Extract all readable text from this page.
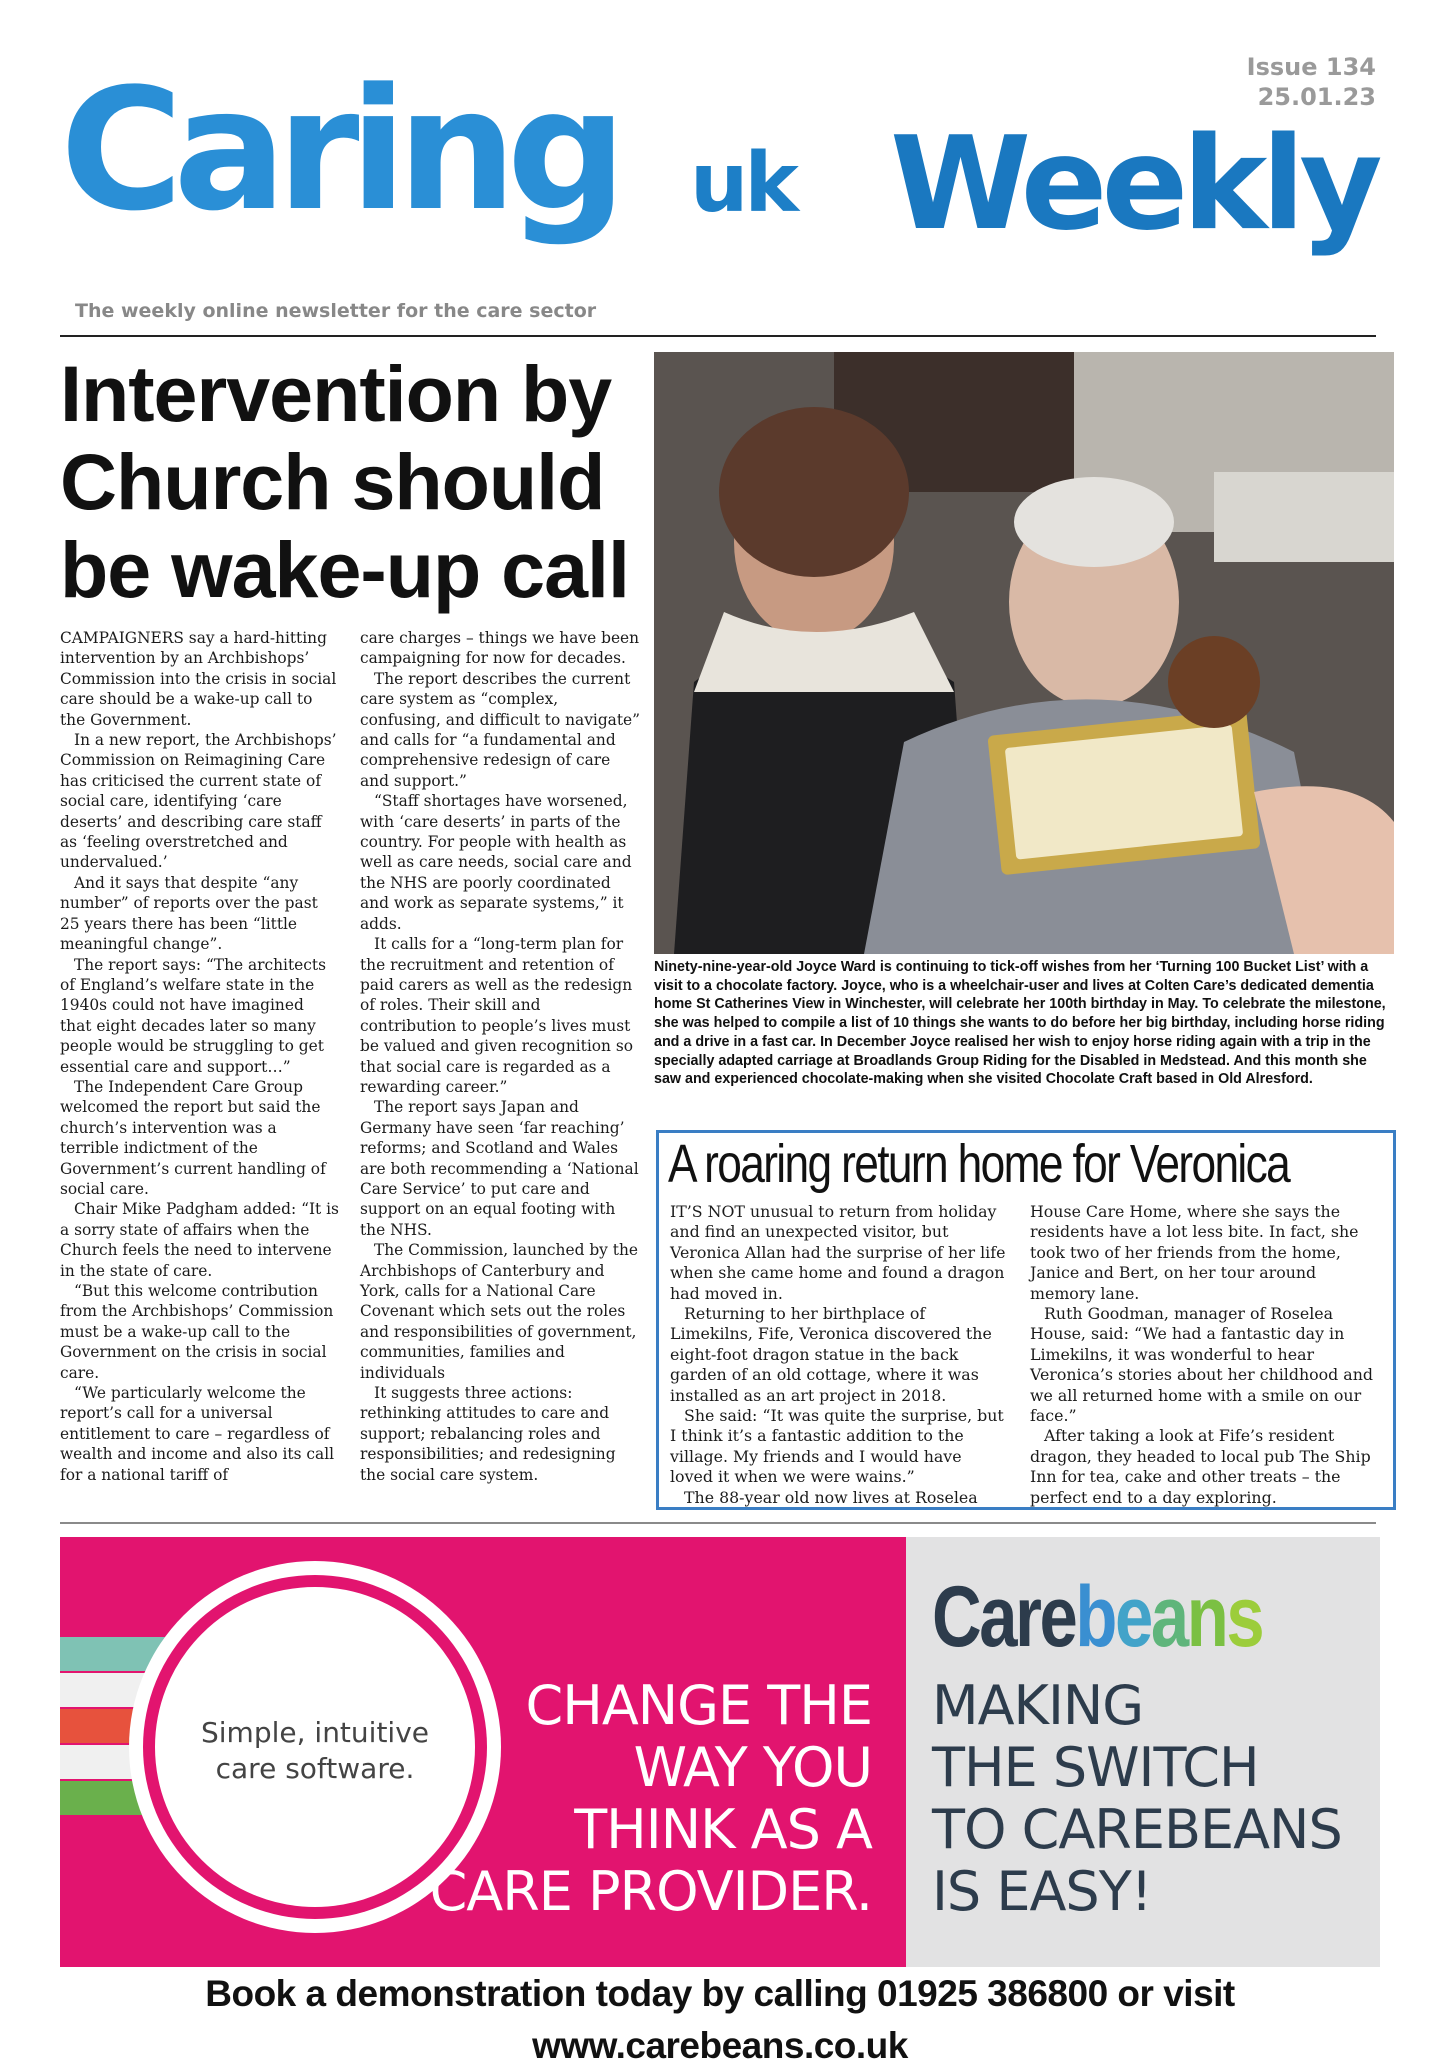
Caring uk Weekly
Issue 134
25.01.23
The weekly online newsletter for the care sector
Intervention by Church should be wake-up call

CAMPAIGNERS say a hard-hitting intervention by an Archbishops’ Commission into the crisis in social care should be a wake-up call to the Government.

In a new report, the Archbishops’ Commission on Reimagining Care has criticised the current state of social care, identifying ‘care deserts’ and describing care staff as ‘feeling overstretched and undervalued.’

And it says that despite “any number” of reports over the past 25 years there has been “little meaningful change”.

The report says: “The architects of England’s welfare state in the 1940s could not have imagined that eight decades later so many people would be struggling to get essential care and support…”

The Independent Care Group welcomed the report but said the church’s intervention was a terrible indictment of the Government’s current handling of social care.

Chair Mike Padgham added: “It is a sorry state of affairs when the Church feels the need to intervene in the state of care.

“But this welcome contribution from the Archbishops’ Commission must be a wake-up call to the Government on the crisis in social care.

“We particularly welcome the report’s call for a universal entitlement to care – regardless of wealth and income and also its call for a national tariff of

care charges – things we have been campaigning for now for decades.

The report describes the current care system as “complex, confusing, and difficult to navigate” and calls for “a fundamental and comprehensive redesign of care and support.”

“Staff shortages have worsened, with ‘care deserts’ in parts of the country. For people with health as well as care needs, social care and the NHS are poorly coordinated and work as separate systems,” it adds.

It calls for a “long-term plan for the recruitment and retention of paid carers as well as the redesign of roles. Their skill and contribution to people’s lives must be valued and given recognition so that social care is regarded as a rewarding career.”

The report says Japan and Germany have seen ‘far reaching’ reforms; and Scotland and Wales are both recommending a ‘National Care Service’ to put care and support on an equal footing with the NHS.

The Commission, launched by the Archbishops of Canterbury and York, calls for a National Care Covenant which sets out the roles and responsibilities of government, communities, families and individuals

It suggests three actions: rethinking attitudes to care and support; rebalancing roles and responsibilities; and redesigning the social care system.

Ninety-nine-year-old Joyce Ward is continuing to tick-off wishes from her ‘Turning 100 Bucket List’ with a visit to a chocolate factory. Joyce, who is a wheelchair-user and lives at Colten Care’s dedicated dementia home St Catherines View in Winchester, will celebrate her 100th birthday in May. To celebrate the milestone, she was helped to compile a list of 10 things she wants to do before her big birthday, including horse riding and a drive in a fast car. In December Joyce realised her wish to enjoy horse riding again with a trip in the specially adapted carriage at Broadlands Group Riding for the Disabled in Medstead. And this month she saw and experienced chocolate-making when she visited Chocolate Craft based in Old Alresford.
A roaring return home for Veronica

IT’S NOT unusual to return from holiday and find an unexpected visitor, but Veronica Allan had the surprise of her life when she came home and found a dragon had moved in.

Returning to her birthplace of Limekilns, Fife, Veronica discovered the eight-foot dragon statue in the back garden of an old cottage, where it was installed as an art project in 2018.

She said: “It was quite the surprise, but I think it’s a fantastic addition to the village. My friends and I would have loved it when we were wains.”

The 88-year old now lives at Roselea

House Care Home, where she says the residents have a lot less bite. In fact, she took two of her friends from the home, Janice and Bert, on her tour around memory lane.

Ruth Goodman, manager of Roselea House, said: “We had a fantastic day in Limekilns, it was wonderful to hear Veronica’s stories about her childhood and we all returned home with a smile on our face.”

After taking a look at Fife’s resident dragon, they headed to local pub The Ship Inn for tea, cake and other treats – the perfect end to a day exploring.

Simple, intuitive
care software.
CHANGE THE
WAY YOU
THINK AS A
CARE PROVIDER.
Carebeans
MAKING
THE SWITCH
TO CAREBEANS
IS EASY!
Book a demonstration today by calling 01925 386800 or visit www.carebeans.co.uk
